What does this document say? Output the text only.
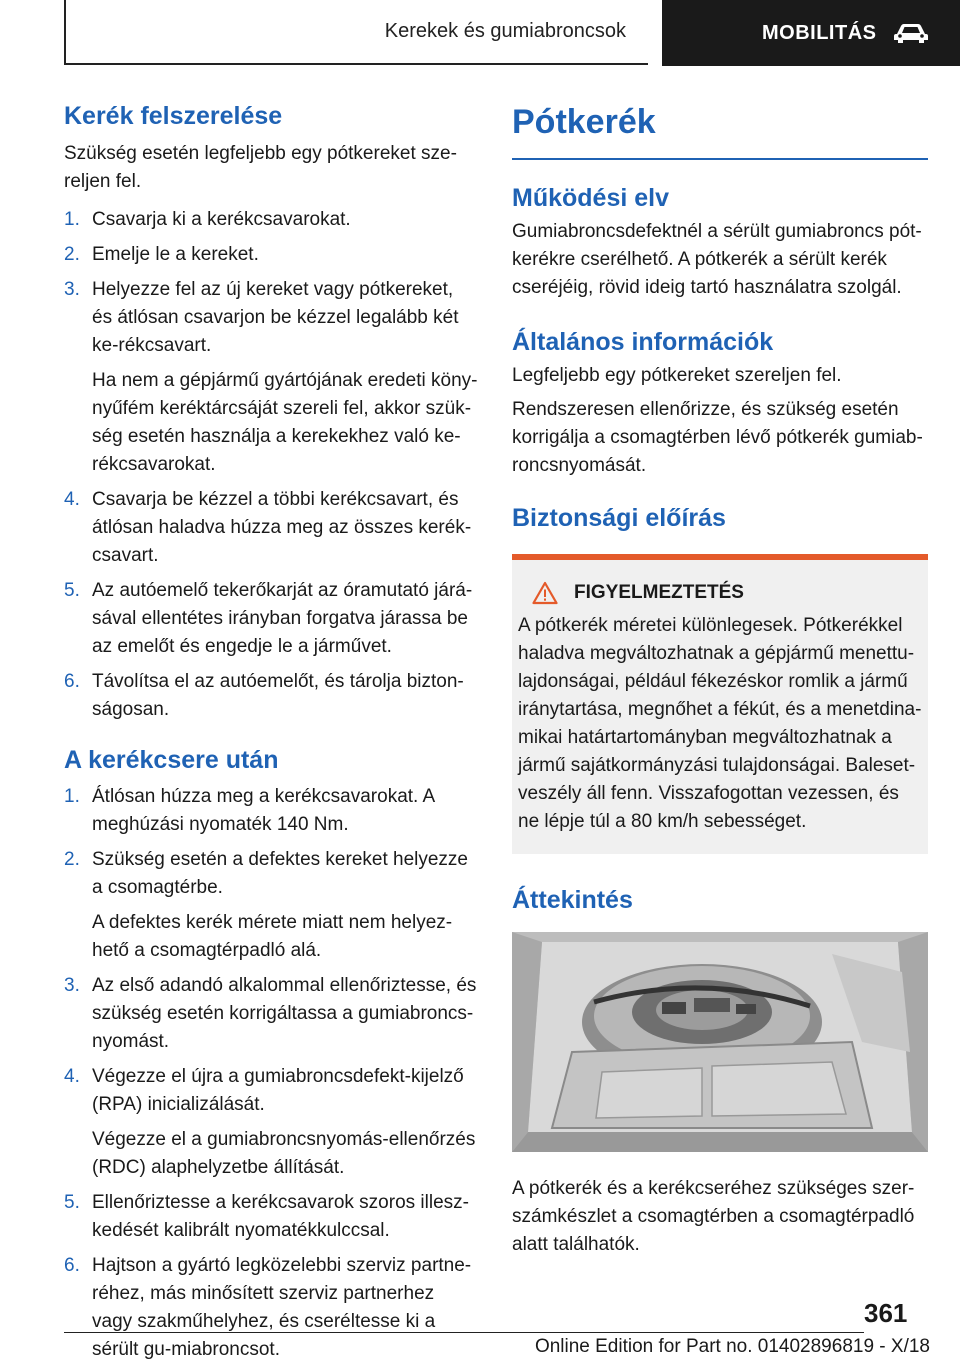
Kerekek és gumiabroncsok	MOBILITÁS
Kerék felszerelése

Szükség esetén legfeljebb egy pótkereket sze-reljen fel.

1. Csavarja ki a kerékcsavarokat.
2. Emelje le a kereket.
3. Helyezze fel az új kereket vagy pótkereket, és átlósan csavarjon be kézzel legalább két ke-rékcsavart.
Ha nem a gépjármű gyártójának eredeti köny-nyűfém keréktárcsáját szereli fel, akkor szük-ség esetén használja a kerekekhez való ke-rékcsavarokat.
4. Csavarja be kézzel a többi kerékcsavart, és átlósan haladva húzza meg az összes kerék-csavart.
5. Az autóemelő tekerőkarját az óramutató járá-sával ellentétes irányban forgatva járassa be az emelőt és engedje le a járművet.
6. Távolítsa el az autóemelőt, és tárolja bizton-ságosan.
A kerékcsere után
1. Átlósan húzza meg a kerékcsavarokat. A meghúzási nyomaték 140 Nm.
2. Szükség esetén a defektes kereket helyezze a csomagtérbe.
A defektes kerék mérete miatt nem helyez-hető a csomagtérpadló alá.
3. Az első adandó alkalommal ellenőriztesse, és szükség esetén korrigáltassa a gumiabroncs-nyomást.
4. Végezze el újra a gumiabroncsdefekt-kijelző (RPA) inicializálását.
Végezze el a gumiabroncsnyomás-ellenőrzés (RDC) alaphelyzetbe állítását.
5. Ellenőriztesse a kerékcsavarok szoros illesz-kedését kalibrált nyomatékkulccsal.
6. Hajtson a gyártó legközelebbi szerviz partne-réhez, más minősített szerviz partnerhez vagy szakműhelyhez, és cseréltesse ki a sérült gu-miabroncsot.
Pótkerék
Működési elv

Gumiabroncsdefektnél a sérült gumiabroncs pót-kerékre cserélhető. A pótkerék a sérült kerék cseréjéig, rövid ideig tartó használatra szolgál.

Általános információk

Legfeljebb egy pótkereket szereljen fel.

Rendszeresen ellenőrizze, és szükség esetén korrigálja a csomagtérben lévő pótkerék gumiab-roncsnyomását.

Biztonsági előírás
FIGYELMEZTETÉS
A pótkerék méretei különlegesek. Pótkerékkel haladva megváltozhatnak a gépjármű menettu-lajdonságai, például fékezéskor romlik a jármű iránytartása, megnőhet a fékút, és a menetdina-mikai határtartományban megváltozhatnak a jármű sajátkormányzási tulajdonságai. Baleset-veszély áll fenn. Visszafogottan vezessen, és ne lépje túl a 80 km/h sebességet.
Áttekintés

A pótkerék és a kerékcseréhez szükséges szer-számkészlet a csomagtérben a csomagtérpadló alatt találhatók.

361
Online Edition for Part no. 01402896819 - X/18
